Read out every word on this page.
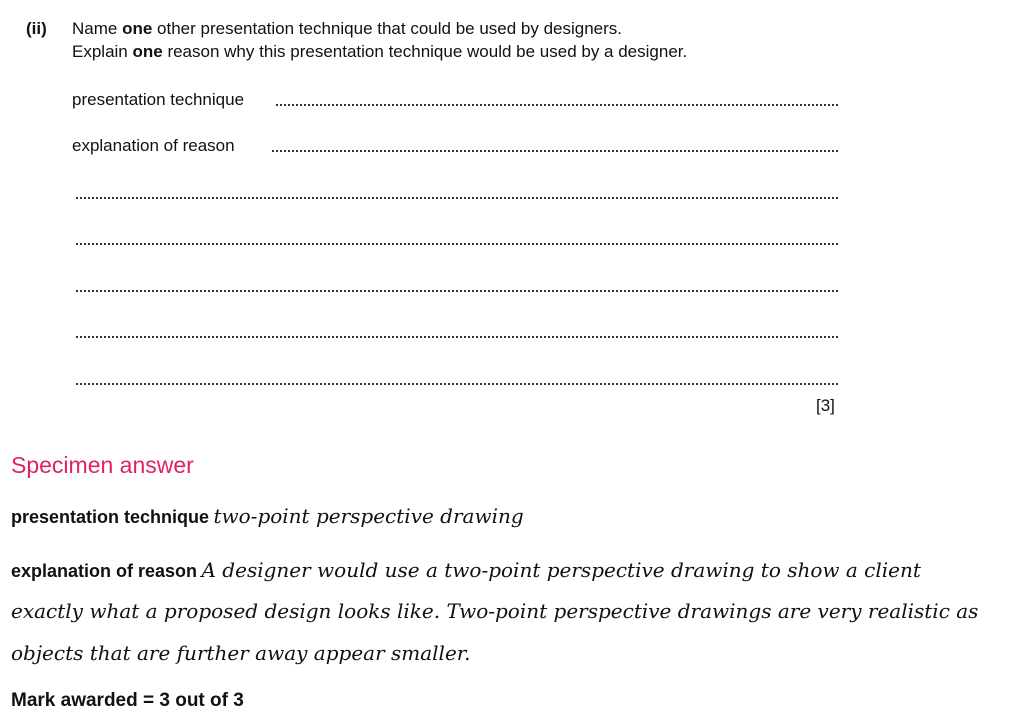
(ii) Name one other presentation technique that could be used by designers.
Explain one reason why this presentation technique would be used by a designer.
presentation technique
explanation of reason
[3]
Specimen answer
presentation technique two-point perspective drawing
explanation of reason A designer would use a two-point perspective drawing to show a client
exactly what a proposed design looks like. Two-point perspective drawings are very realistic as
objects that are further away appear smaller.
Mark awarded = 3 out of 3
